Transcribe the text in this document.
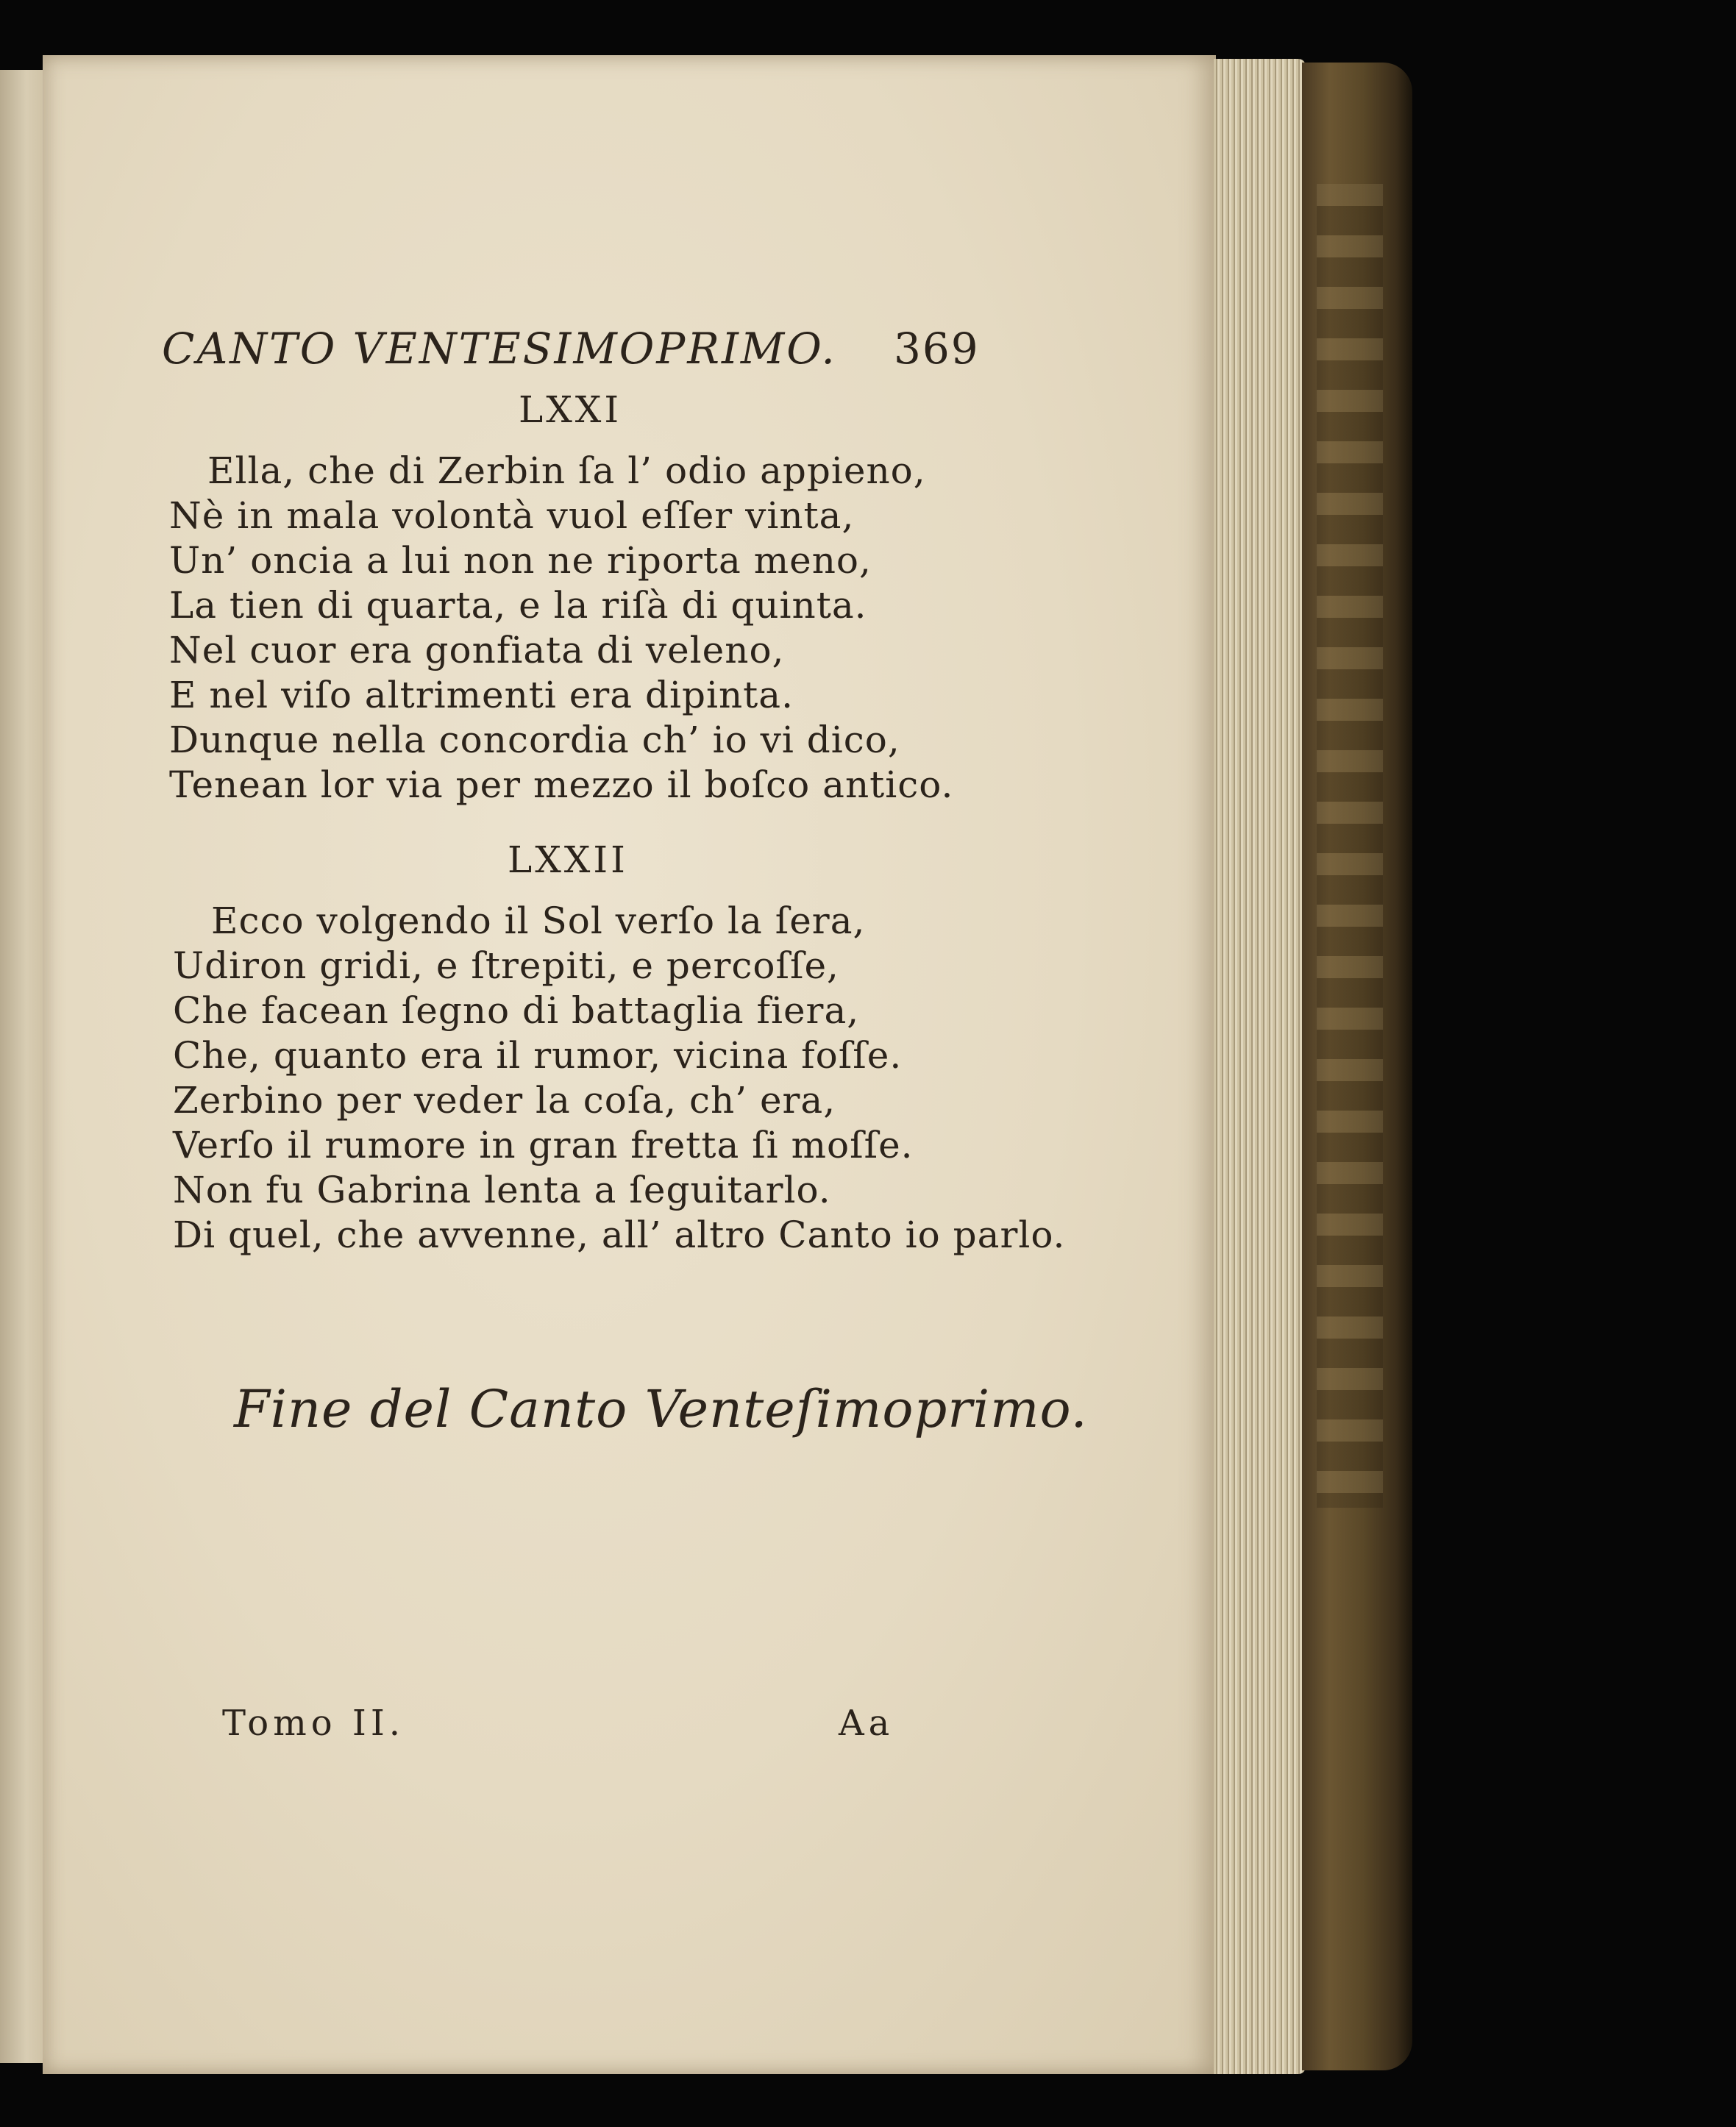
CANTO VENTESIMOPRIMO. 369

LXXI

Ella, che di Zerbin ſa l’ odio appieno,
Nè in mala volontà vuol eſſer vinta,
Un’ oncia a lui non ne riporta meno,
La tien di quarta, e la riſà di quinta.
Nel cuor era gonfiata di veleno,
E nel viſo altrimenti era dipinta.
Dunque nella concordia ch’ io vi dico,
Tenean lor via per mezzo il boſco antico.

LXXII

Ecco volgendo il Sol verſo la ſera,
Udiron gridi, e ſtrepiti, e percoſſe,
Che facean ſegno di battaglia fiera,
Che, quanto era il rumor, vicina foſſe.
Zerbino per veder la coſa, ch’ era,
Verſo il rumore in gran fretta ſi moſſe.
Non fu Gabrina lenta a ſeguitarlo.
Di quel, che avvenne, all’ altro Canto io parlo.

Fine del Canto Venteſimoprimo.

Tomo II.	Aa
